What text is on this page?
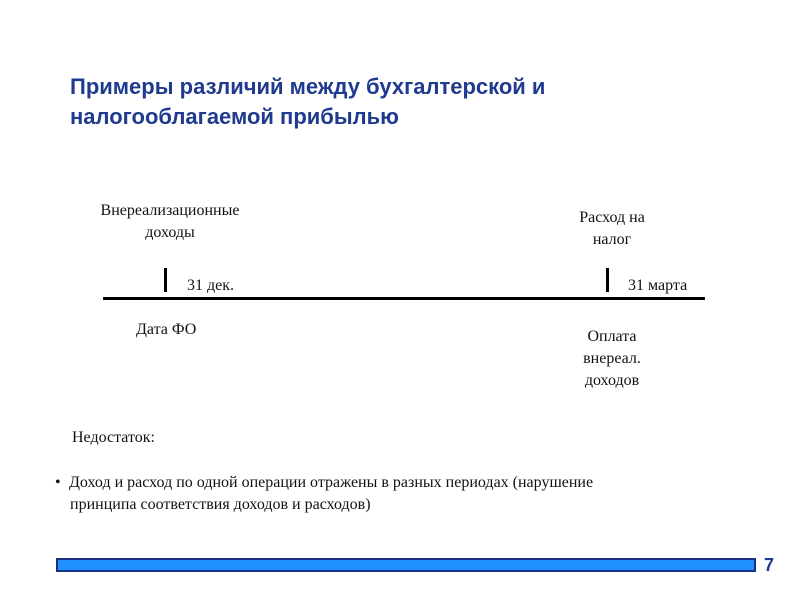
Примеры различий между бухгалтерской и налогооблагаемой прибылью
Внереализационные
доходы
Расход на
налог
31 дек.	31 марта
Дата ФО	Оплата
внереал.
доходов
Недостаток:
• Доход и расход по одной операции отражены в разных периодах (нарушение
принципа соответствия доходов и расходов)
7
